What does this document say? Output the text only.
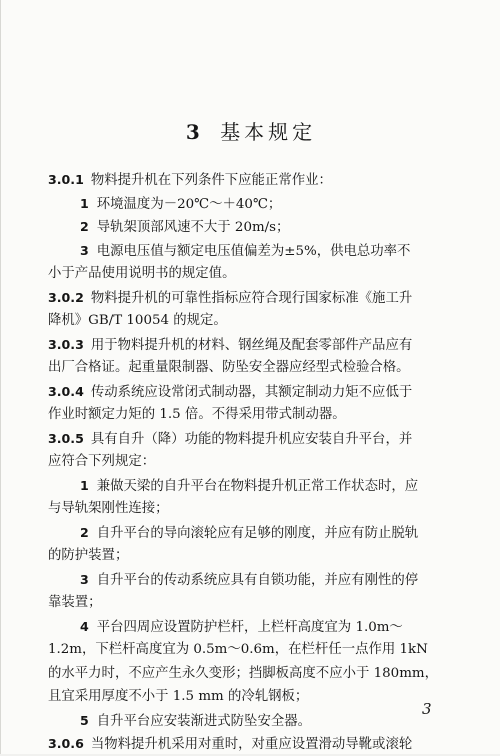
3 基本规定
3.0.1 物料提升机在下列条件下应能正常作业：
1 环境温度为－20℃～＋40℃；
2 导轨架顶部风速不大于 20m/s；
3 电源电压值与额定电压值偏差为±5%，供电总功率不
小于产品使用说明书的规定值。
3.0.2 物料提升机的可靠性指标应符合现行国家标准《施工升
降机》GB/T 10054 的规定。
3.0.3 用于物料提升机的材料、钢丝绳及配套零部件产品应有
出厂合格证。起重量限制器、防坠安全器应经型式检验合格。
3.0.4 传动系统应设常闭式制动器，其额定制动力矩不应低于
作业时额定力矩的 1.5 倍。不得采用带式制动器。
3.0.5 具有自升（降）功能的物料提升机应安装自升平台，并
应符合下列规定：
1 兼做天梁的自升平台在物料提升机正常工作状态时，应
与导轨架刚性连接；
2 自升平台的导向滚轮应有足够的刚度，并应有防止脱轨
的防护装置；
3 自升平台的传动系统应具有自锁功能，并应有刚性的停
靠装置；
4 平台四周应设置防护栏杆，上栏杆高度宜为 1.0m～
1.2m，下栏杆高度宜为 0.5m～0.6m，在栏杆任一点作用 1kN
的水平力时，不应产生永久变形；挡脚板高度不应小于 180mm，
且宜采用厚度不小于 1.5 mm 的冷轧钢板；
5 自升平台应安装渐进式防坠安全器。
3.0.6 当物料提升机采用对重时，对重应设置滑动导靴或滚轮
3
